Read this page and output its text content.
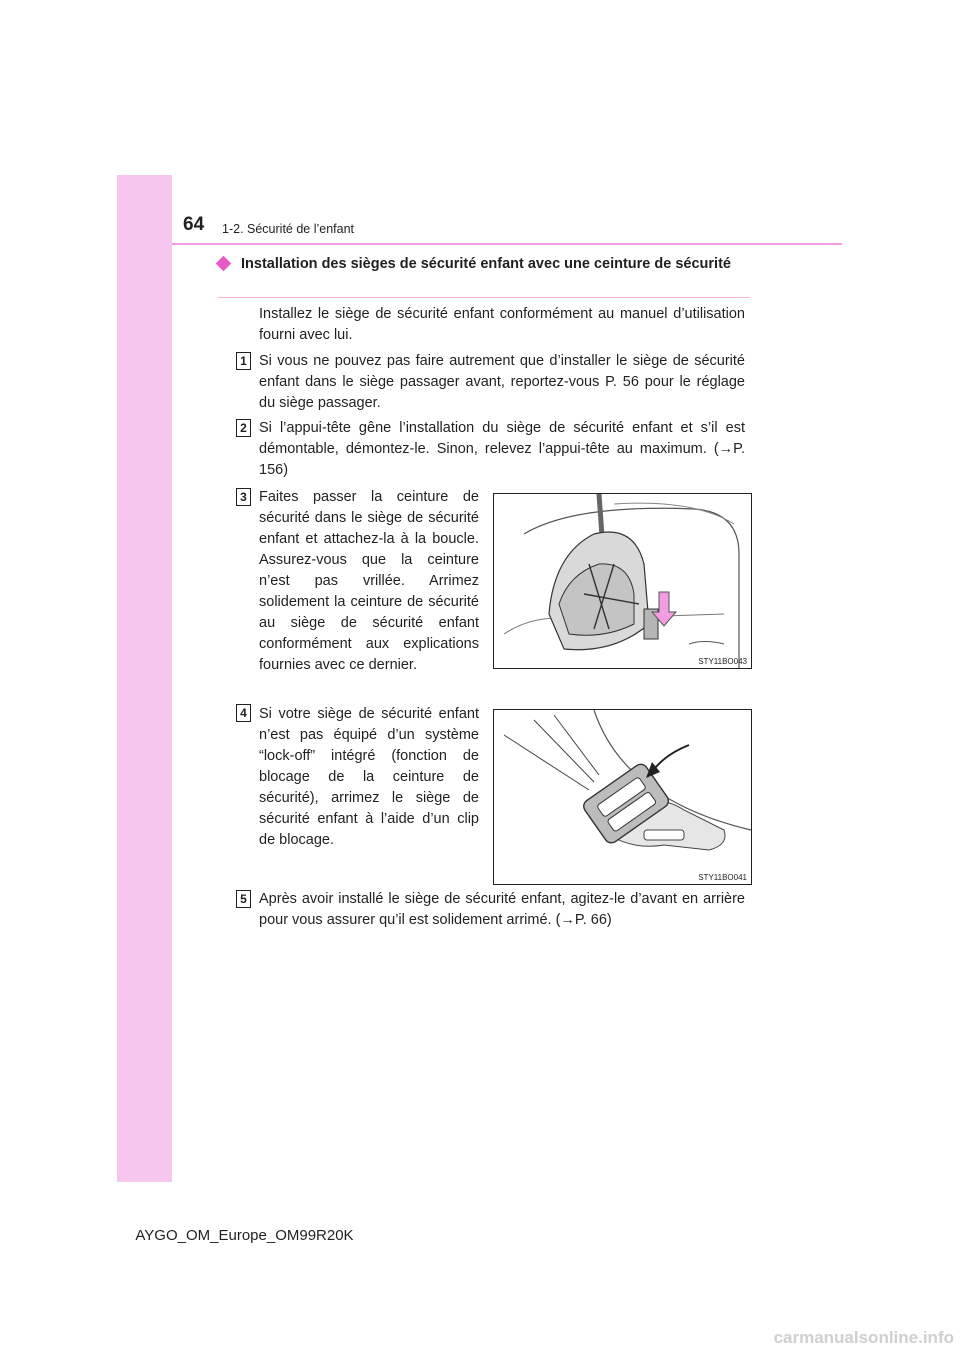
64 1-2. Sécurité de l’enfant
Installation des sièges de sécurité enfant avec une ceinture de sécurité

Installez le siège de sécurité enfant conformément au manuel d’utilisation fourni avec lui.

1 Si vous ne pouvez pas faire autrement que d’installer le siège de sécurité enfant dans le siège passager avant, reportez-vous P. 56 pour le réglage du siège passager.

2 Si l’appui-tête gêne l’installation du siège de sécurité enfant et s’il est démontable, démontez-le. Sinon, relevez l’appui-tête au maximum. (→P. 156)

3 Faites passer la ceinture de sécurité dans le siège de sécurité enfant et attachez-la à la boucle. Assurez-vous que la ceinture n’est pas vrillée. Arrimez solidement la ceinture de sécurité au siège de sécurité enfant conformément aux explications fournies avec ce dernier.	STY11BO043
4 Si votre siège de sécurité enfant n’est pas équipé d’un système “lock-off” intégré (fonction de blocage de la ceinture de sécurité), arrimez le siège de sécurité enfant à l’aide d’un clip de blocage.

STY11BO041
5 Après avoir installé le siège de sécurité enfant, agitez-le d’avant en arrière pour vous assurer qu’il est solidement arrimé. (→P. 66)

AYGO_OM_Europe_OM99R20K
carmanualsonline.info
